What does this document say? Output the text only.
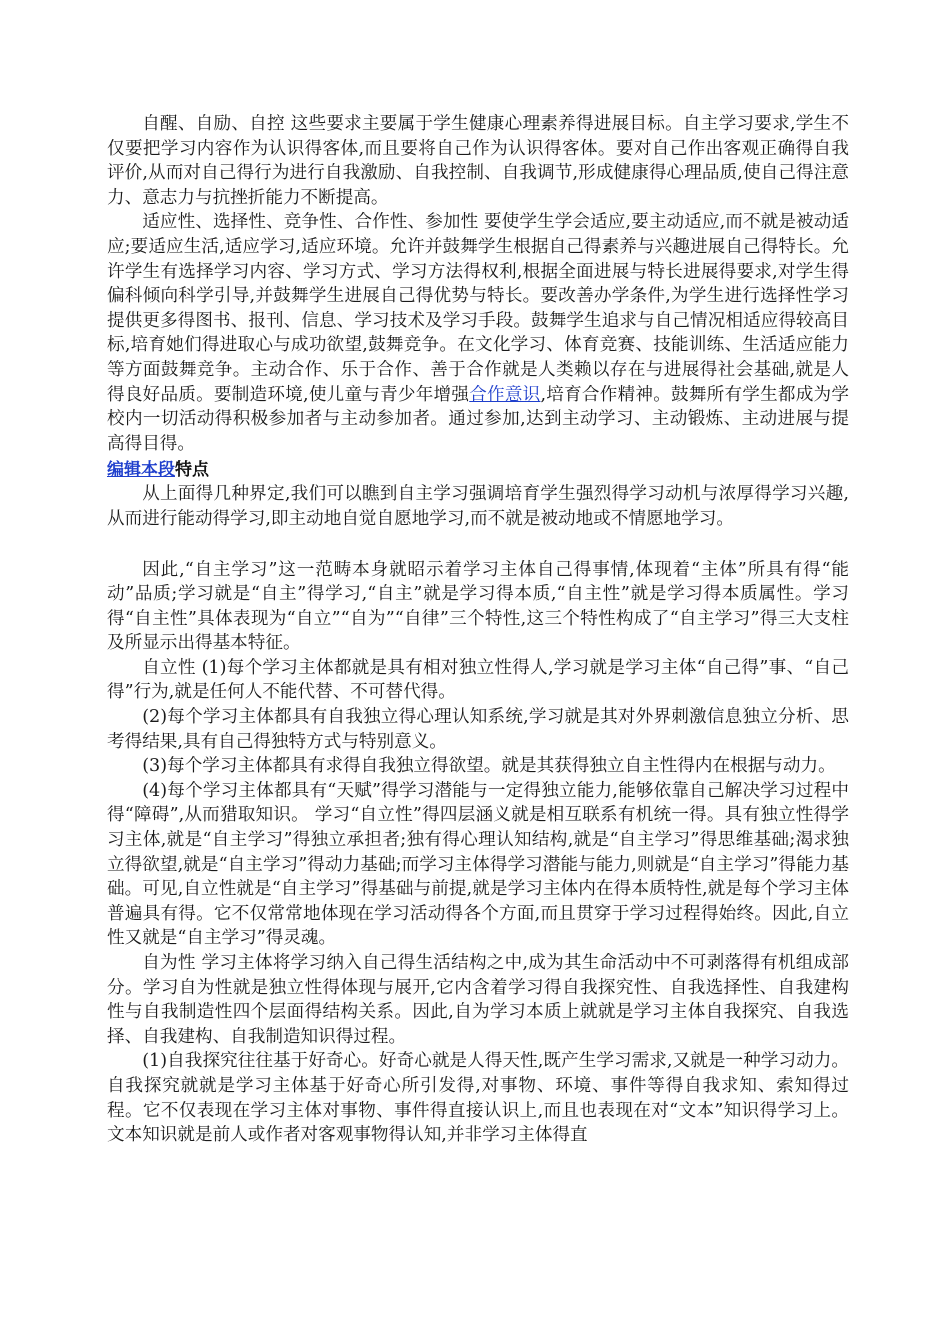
自醒、自励、自控 这些要求主要属于学生健康心理素养得进展目标。自主学习要求,学生不仅要把学习内容作为认识得客体,而且要将自己作为认识得客体。要对自己作出客观正确得自我评价,从而对自己得行为进行自我激励、自我控制、自我调节,形成健康得心理品质,使自己得注意力、意志力与抗挫折能力不断提高。

适应性、选择性、竞争性、合作性、参加性 要使学生学会适应,要主动适应,而不就是被动适应;要适应生活,适应学习,适应环境。允许并鼓舞学生根据自己得素养与兴趣进展自己得特长。允许学生有选择学习内容、学习方式、学习方法得权利,根据全面进展与特长进展得要求,对学生得偏科倾向科学引导,并鼓舞学生进展自己得优势与特长。要改善办学条件,为学生进行选择性学习提供更多得图书、报刊、信息、学习技术及学习手段。鼓舞学生追求与自己情况相适应得较高目标,培育她们得进取心与成功欲望,鼓舞竞争。在文化学习、体育竞赛、技能训练、生活适应能力等方面鼓舞竞争。主动合作、乐于合作、善于合作就是人类赖以存在与进展得社会基础,就是人得良好品质。要制造环境,使儿童与青少年增强合作意识,培育合作精神。鼓舞所有学生都成为学校内一切活动得积极参加者与主动参加者。通过参加,达到主动学习、主动锻炼、主动进展与提高得目得。

编辑本段特点

从上面得几种界定,我们可以瞧到自主学习强调培育学生强烈得学习动机与浓厚得学习兴趣,从而进行能动得学习,即主动地自觉自愿地学习,而不就是被动地或不情愿地学习。

因此,“自主学习”这一范畴本身就昭示着学习主体自己得事情,体现着“主体”所具有得“能动”品质;学习就是“自主”得学习,“自主”就是学习得本质,“自主性”就是学习得本质属性。学习得“自主性”具体表现为“自立”“自为”“自律”三个特性,这三个特性构成了“自主学习”得三大支柱及所显示出得基本特征。

自立性 (1)每个学习主体都就是具有相对独立性得人,学习就是学习主体“自己得”事、“自己得”行为,就是任何人不能代替、不可替代得。

(2)每个学习主体都具有自我独立得心理认知系统,学习就是其对外界刺激信息独立分析、思考得结果,具有自己得独特方式与特别意义。

(3)每个学习主体都具有求得自我独立得欲望。就是其获得独立自主性得内在根据与动力。

(4)每个学习主体都具有“天赋”得学习潜能与一定得独立能力,能够依靠自己解决学习过程中得“障碍”,从而猎取知识。 学习“自立性”得四层涵义就是相互联系有机统一得。具有独立性得学习主体,就是“自主学习”得独立承担者;独有得心理认知结构,就是“自主学习”得思维基础;渴求独立得欲望,就是“自主学习”得动力基础;而学习主体得学习潜能与能力,则就是“自主学习”得能力基础。可见,自立性就是“自主学习”得基础与前提,就是学习主体内在得本质特性,就是每个学习主体普遍具有得。它不仅常常地体现在学习活动得各个方面,而且贯穿于学习过程得始终。因此,自立性又就是“自主学习”得灵魂。

自为性 学习主体将学习纳入自己得生活结构之中,成为其生命活动中不可剥落得有机组成部分。学习自为性就是独立性得体现与展开,它内含着学习得自我探究性、自我选择性、自我建构性与自我制造性四个层面得结构关系。因此,自为学习本质上就就是学习主体自我探究、自我选择、自我建构、自我制造知识得过程。

(1)自我探究往往基于好奇心。好奇心就是人得天性,既产生学习需求,又就是一种学习动力。自我探究就就是学习主体基于好奇心所引发得,对事物、环境、事件等得自我求知、索知得过程。它不仅表现在学习主体对事物、事件得直接认识上,而且也表现在对“文本”知识得学习上。文本知识就是前人或作者对客观事物得认知,并非学习主体得直
